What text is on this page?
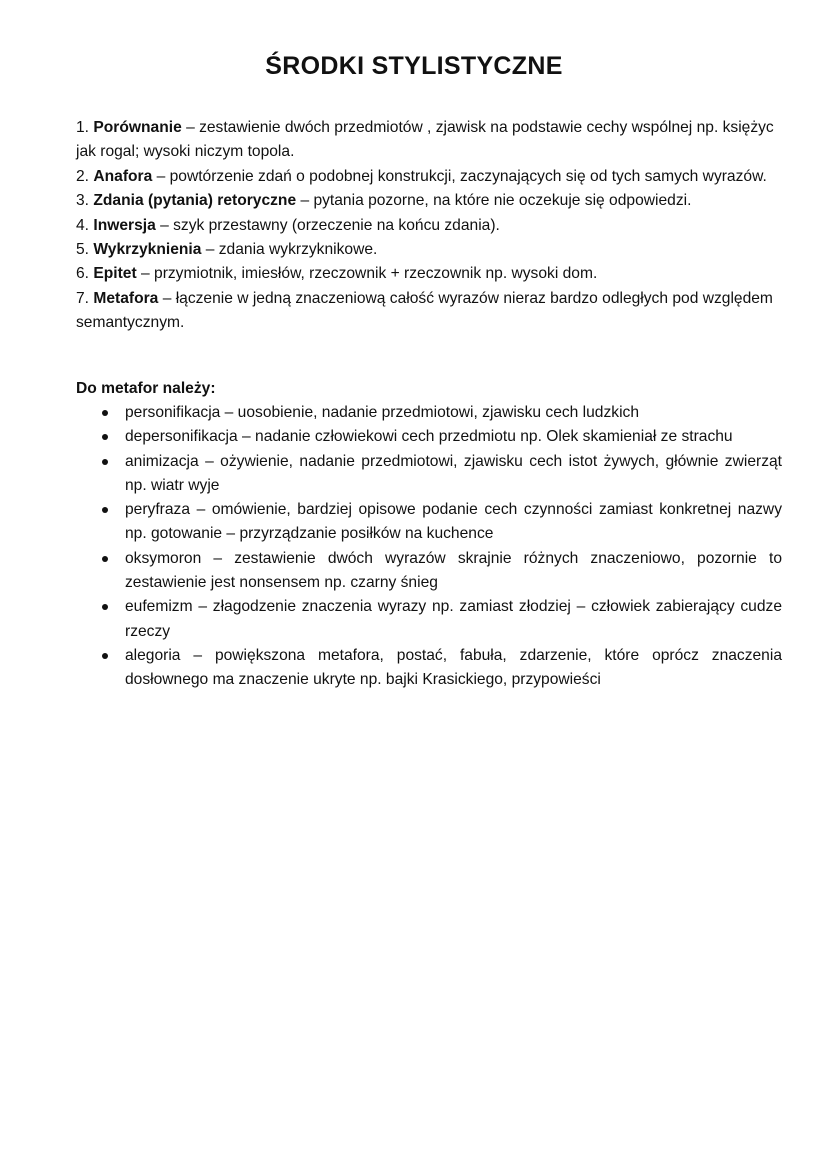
ŚRODKI STYLISTYCZNE

1. Porównanie – zestawienie dwóch przedmiotów , zjawisk na podstawie cechy wspólnej np. księżyc jak rogal; wysoki niczym topola.

2. Anafora – powtórzenie zdań o podobnej konstrukcji, zaczynających się od tych samych wyrazów.

3. Zdania (pytania) retoryczne – pytania pozorne, na które nie oczekuje się odpowiedzi.

4. Inwersja – szyk przestawny (orzeczenie na końcu zdania).

5. Wykrzyknienia – zdania wykrzyknikowe.

6. Epitet – przymiotnik, imiesłów, rzeczownik + rzeczownik np. wysoki dom.

7. Metafora – łączenie w jedną znaczeniową całość wyrazów nieraz bardzo odległych pod względem semantycznym.

Do metafor należy:

personifikacja – uosobienie, nadanie przedmiotowi, zjawisku cech ludzkich
depersonifikacja – nadanie człowiekowi cech przedmiotu np. Olek skamieniał ze strachu
animizacja – ożywienie, nadanie przedmiotowi, zjawisku cech istot żywych, głównie zwierząt np. wiatr wyje
peryfraza – omówienie, bardziej opisowe podanie cech czynności zamiast konkretnej nazwy np. gotowanie – przyrządzanie posiłków na kuchence
oksymoron – zestawienie dwóch wyrazów skrajnie różnych znaczeniowo, pozornie to zestawienie jest nonsensem np. czarny śnieg
eufemizm – złagodzenie znaczenia wyrazy np. zamiast złodziej – człowiek zabierający cudze rzeczy
alegoria – powiększona metafora, postać, fabuła, zdarzenie, które oprócz znaczenia dosłownego ma znaczenie ukryte np. bajki Krasickiego, przypowieści
